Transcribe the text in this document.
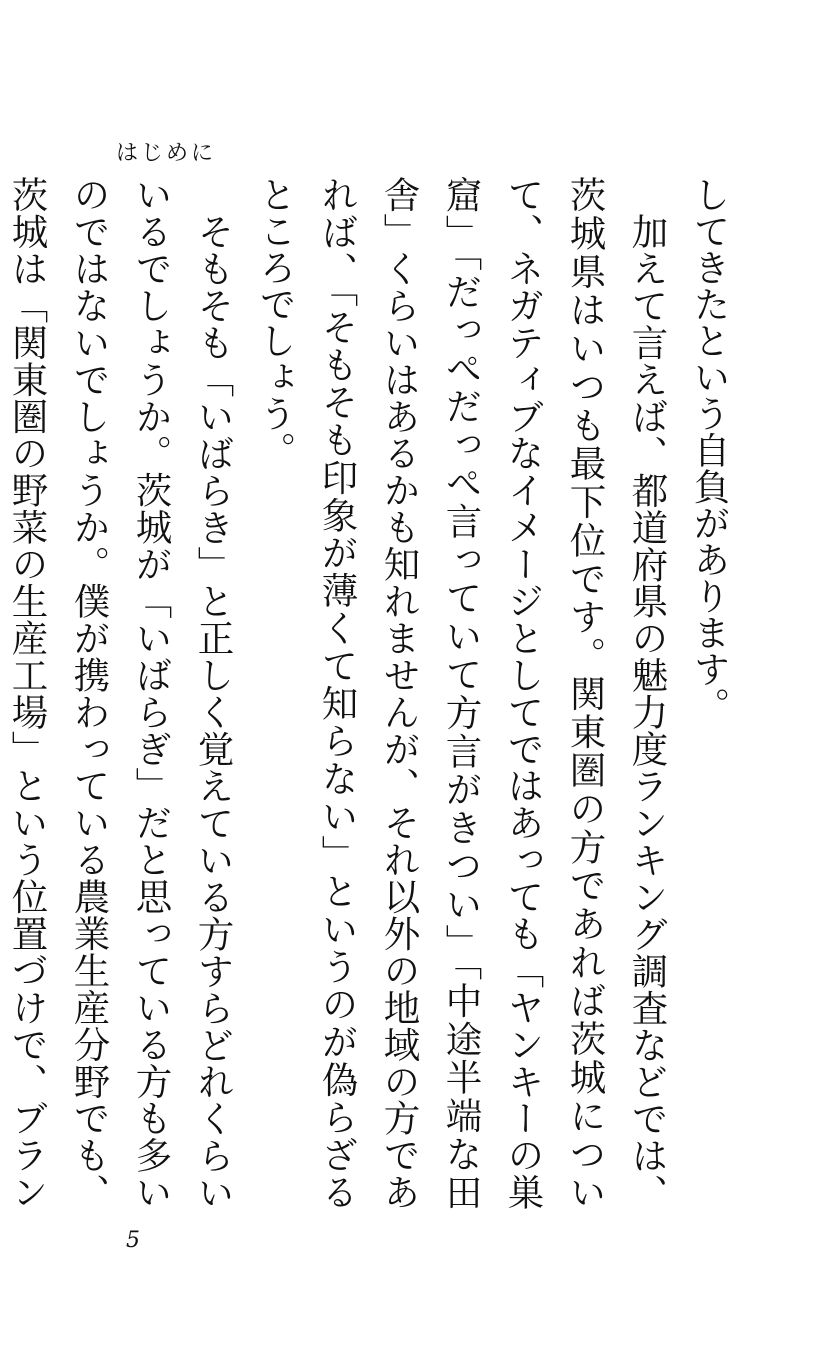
はじめに

してきたという自負があります。

加えて言えば、都道府県の魅力度ランキング調査などでは、茨城県はいつも最下位です。関東圏の方であれば茨城について、ネガティブなイメージとしてではあっても「ヤンキーの巣窟」「だっぺだっぺ言っていて方言がきつい」「中途半端な田舎」くらいはあるかも知れませんが、それ以外の地域の方であれば、「そもそも印象が薄くて知らない」というのが偽らざるところでしょう。

そもそも「いばらき」と正しく覚えている方すらどれくらいいるでしょうか。茨城が「いばらぎ」だと思っている方も多いのではないでしょうか。僕が携わっている農業生産分野でも、茨城は「関東圏の野菜の生産工場」という位置づけで、ブラン

5
